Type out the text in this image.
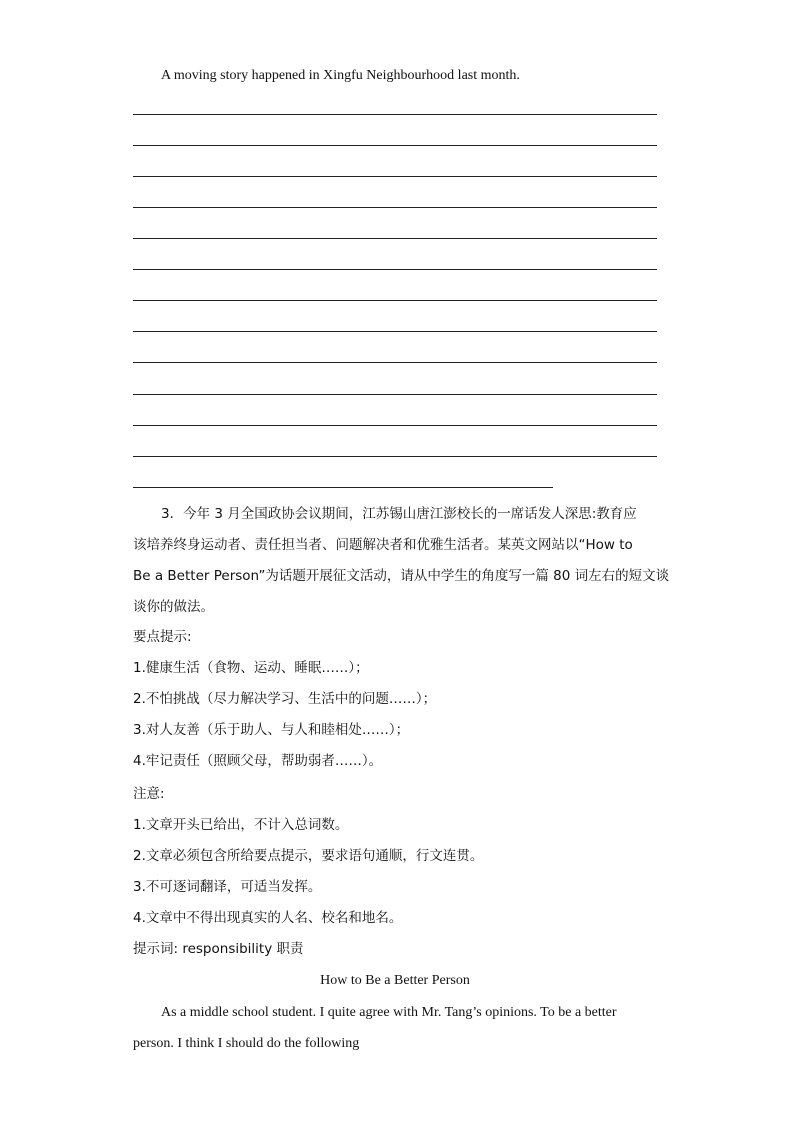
A moving story happened in Xingfu Neighbourhood last month.
3．今年 3 月全国政协会议期间，江苏锡山唐江澎校长的一席话发人深思:教育应
该培养终身运动者、责任担当者、问题解决者和优雅生活者。某英文网站以“How to
Be a Better Person”为话题开展征文活动，请从中学生的角度写一篇 80 词左右的短文谈
谈你的做法。
要点提示:
1.健康生活（食物、运动、睡眠……）；
2.不怕挑战（尽力解决学习、生活中的问题……）；
3.对人友善（乐于助人、与人和睦相处……）；
4.牢记责任（照顾父母，帮助弱者……）。
注意:
1.文章开头已给出，不计入总词数。
2.文章必须包含所给要点提示，要求语句通顺，行文连贯。
3.不可逐词翻译，可适当发挥。
4.文章中不得出现真实的人名、校名和地名。
提示词: responsibility 职责
How to Be a Better Person
As a middle school student. I quite agree with Mr. Tang’s opinions. To be a better
person. I think I should do the following
